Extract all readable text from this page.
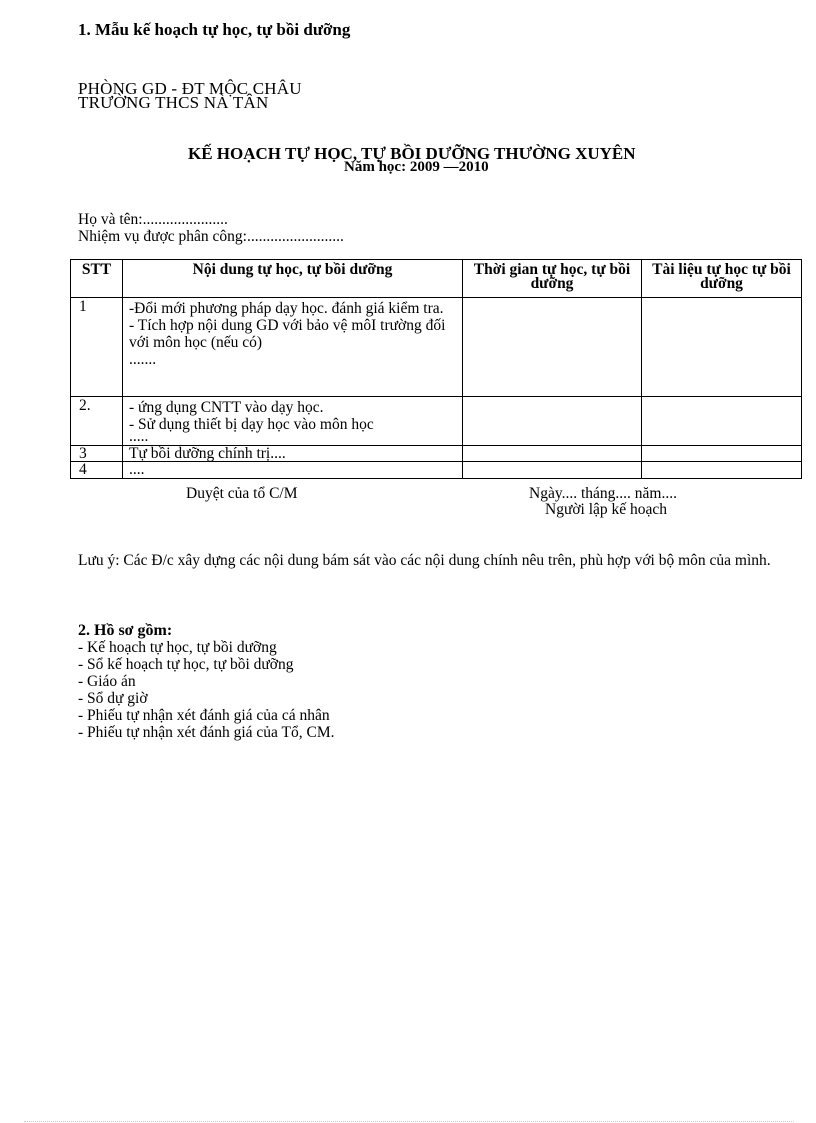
1. Mẫu kế hoạch tự học, tự bồi dưỡng
PHÒNG GD - ĐT MỘC CHÂU
TRƯỜNG THCS NÀ TÂN
KẾ HOẠCH TỰ HỌC, TỰ BỒI DƯỠNG THƯỜNG XUYÊN
Năm học: 2009 —2010
Họ và tên:......................
Nhiệm vụ được phân công:.........................
STT	Nội dung tự học, tự bồi dưỡng	Thời gian tự học, tự bồi dưỡng	Tài liệu tự học tự bồi dưỡng
1	-Đổi mới phương pháp dạy học. đánh giá kiểm tra.
- Tích hợp nội dung GD với bảo vệ môI trường đối với môn học (nếu có)
.......		

2.	- ứng dụng CNTT vào dạy học.
- Sử dụng thiết bị dạy học vào môn học
.....		

3	Tự bồi dưỡng chính trị....		

4	....		

Duyệt của tổ C/M	Ngày.... tháng.... năm....
Người lập kế hoạch
Lưu ý: Các Đ/c xây dựng các nội dung bám sát vào các nội dung chính nêu trên, phù hợp với bộ môn của mình.
2. Hồ sơ gồm:
- Kế hoạch tự học, tự bồi dưỡng
- Sổ kế hoạch tự học, tự bồi dưỡng
- Giáo án
- Sổ dự giờ
- Phiếu tự nhận xét đánh giá của cá nhân
- Phiếu tự nhận xét đánh giá của Tổ, CM.
